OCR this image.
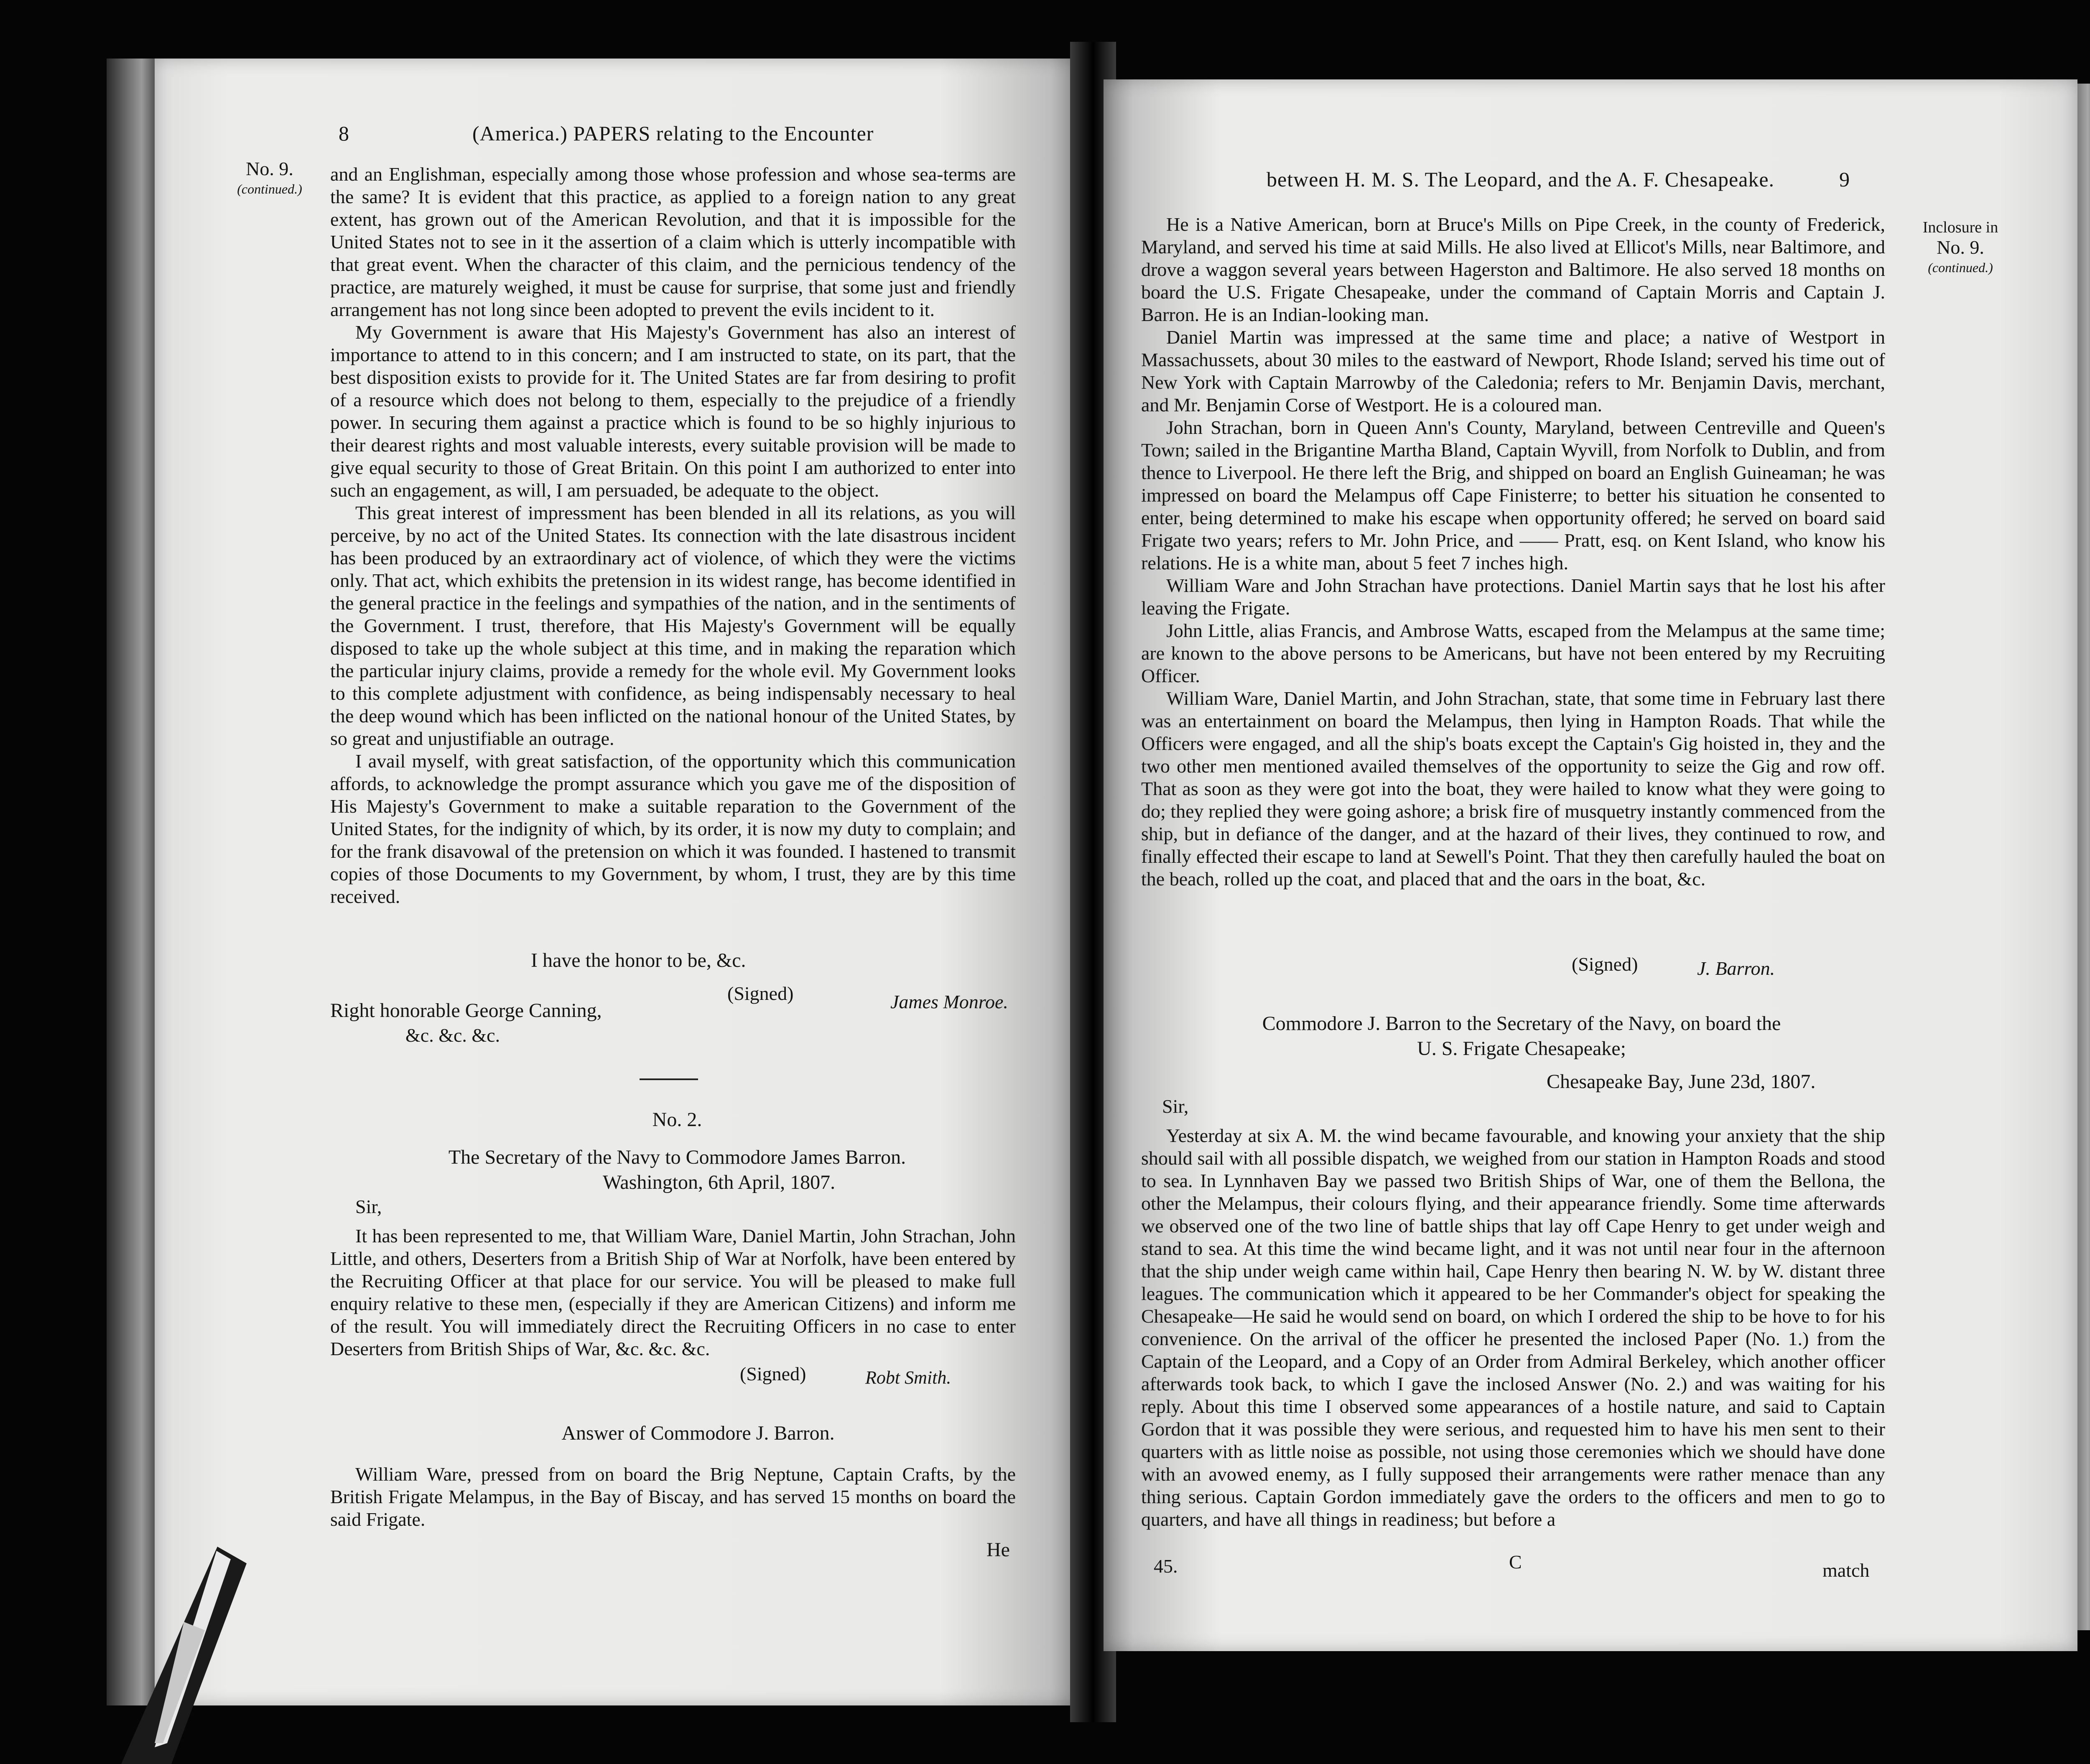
8	(America.) PAPERS relating to the Encounter
No. 9.
(continued.)

and an Englishman, especially among those whose profession and whose sea-terms are the same? It is evident that this practice, as applied to a foreign nation to any great extent, has grown out of the American Revolution, and that it is impossible for the United States not to see in it the assertion of a claim which is utterly incompatible with that great event. When the character of this claim, and the pernicious tendency of the practice, are maturely weighed, it must be cause for surprise, that some just and friendly arrangement has not long since been adopted to prevent the evils incident to it.

My Government is aware that His Majesty's Government has also an interest of importance to attend to in this concern; and I am instructed to state, on its part, that the best disposition exists to provide for it. The United States are far from desiring to profit of a resource which does not belong to them, especially to the prejudice of a friendly power. In securing them against a practice which is found to be so highly injurious to their dearest rights and most valuable interests, every suitable provision will be made to give equal security to those of Great Britain. On this point I am authorized to enter into such an engagement, as will, I am persuaded, be adequate to the object.

This great interest of impressment has been blended in all its relations, as you will perceive, by no act of the United States. Its connection with the late disastrous incident has been produced by an extraordinary act of violence, of which they were the victims only. That act, which exhibits the pretension in its widest range, has become identified in the general practice in the feelings and sympathies of the nation, and in the sentiments of the Government. I trust, therefore, that His Majesty's Government will be equally disposed to take up the whole subject at this time, and in making the reparation which the particular injury claims, provide a remedy for the whole evil. My Government looks to this complete adjustment with confidence, as being indispensably necessary to heal the deep wound which has been inflicted on the national honour of the United States, by so great and unjustifiable an outrage.

I avail myself, with great satisfaction, of the opportunity which this communication affords, to acknowledge the prompt assurance which you gave me of the disposition of His Majesty's Government to make a suitable reparation to the Government of the United States, for the indignity of which, by its order, it is now my duty to complain; and for the frank disavowal of the pretension on which it was founded. I hastened to transmit copies of those Documents to my Government, by whom, I trust, they are by this time received.

I have the honor to be, &c.
(Signed)	James Monroe.
Right honorable George Canning,
&c. &c. &c.
No. 2.
The Secretary of the Navy to Commodore James Barron.
Washington, 6th April, 1807.
Sir,

It has been represented to me, that William Ware, Daniel Martin, John Strachan, John Little, and others, Deserters from a British Ship of War at Norfolk, have been entered by the Recruiting Officer at that place for our service. You will be pleased to make full enquiry relative to these men, (especially if they are American Citizens) and inform me of the result. You will immediately direct the Recruiting Officers in no case to enter Deserters from British Ships of War, &c. &c. &c.

(Signed)	Robt Smith.
Answer of Commodore J. Barron.

William Ware, pressed from on board the Brig Neptune, Captain Crafts, by the British Frigate Melampus, in the Bay of Biscay, and has served 15 months on board the said Frigate.

He
between H. M. S. The Leopard, and the A. F. Chesapeake.	9
Inclosure in
No. 9.
(continued.)

He is a Native American, born at Bruce's Mills on Pipe Creek, in the county of Frederick, Maryland, and served his time at said Mills. He also lived at Ellicot's Mills, near Baltimore, and drove a waggon several years between Hagerston and Baltimore. He also served 18 months on board the U.S. Frigate Chesapeake, under the command of Captain Morris and Captain J. Barron. He is an Indian-looking man.

Daniel Martin was impressed at the same time and place; a native of Westport in Massachussets, about 30 miles to the eastward of Newport, Rhode Island; served his time out of New York with Captain Marrowby of the Caledonia; refers to Mr. Benjamin Davis, merchant, and Mr. Benjamin Corse of Westport. He is a coloured man.

John Strachan, born in Queen Ann's County, Maryland, between Centreville and Queen's Town; sailed in the Brigantine Martha Bland, Captain Wyvill, from Norfolk to Dublin, and from thence to Liverpool. He there left the Brig, and shipped on board an English Guineaman; he was impressed on board the Melampus off Cape Finisterre; to better his situation he consented to enter, being determined to make his escape when opportunity offered; he served on board said Frigate two years; refers to Mr. John Price, and —— Pratt, esq. on Kent Island, who know his relations. He is a white man, about 5 feet 7 inches high.

William Ware and John Strachan have protections. Daniel Martin says that he lost his after leaving the Frigate.

John Little, alias Francis, and Ambrose Watts, escaped from the Melampus at the same time; are known to the above persons to be Americans, but have not been entered by my Recruiting Officer.

William Ware, Daniel Martin, and John Strachan, state, that some time in February last there was an entertainment on board the Melampus, then lying in Hampton Roads. That while the Officers were engaged, and all the ship's boats except the Captain's Gig hoisted in, they and the two other men mentioned availed themselves of the opportunity to seize the Gig and row off. That as soon as they were got into the boat, they were hailed to know what they were going to do; they replied they were going ashore; a brisk fire of musquetry instantly commenced from the ship, but in defiance of the danger, and at the hazard of their lives, they continued to row, and finally effected their escape to land at Sewell's Point. That they then carefully hauled the boat on the beach, rolled up the coat, and placed that and the oars in the boat, &c.

(Signed)	J. Barron.
Commodore J. Barron to the Secretary of the Navy, on board the
U. S. Frigate Chesapeake;
Chesapeake Bay, June 23d, 1807.
Sir,

Yesterday at six A. M. the wind became favourable, and knowing your anxiety that the ship should sail with all possible dispatch, we weighed from our station in Hampton Roads and stood to sea. In Lynnhaven Bay we passed two British Ships of War, one of them the Bellona, the other the Melampus, their colours flying, and their appearance friendly. Some time afterwards we observed one of the two line of battle ships that lay off Cape Henry to get under weigh and stand to sea. At this time the wind became light, and it was not until near four in the afternoon that the ship under weigh came within hail, Cape Henry then bearing N. W. by W. distant three leagues. The communication which it appeared to be her Commander's object for speaking the Chesapeake—He said he would send on board, on which I ordered the ship to be hove to for his convenience. On the arrival of the officer he presented the inclosed Paper (No. 1.) from the Captain of the Leopard, and a Copy of an Order from Admiral Berkeley, which another officer afterwards took back, to which I gave the inclosed Answer (No. 2.) and was waiting for his reply. About this time I observed some appearances of a hostile nature, and said to Captain Gordon that it was possible they were serious, and requested him to have his men sent to their quarters with as little noise as possible, not using those ceremonies which we should have done with an avowed enemy, as I fully supposed their arrangements were rather menace than any thing serious. Captain Gordon immediately gave the orders to the officers and men to go to quarters, and have all things in readiness; but before a

45.	C	match
